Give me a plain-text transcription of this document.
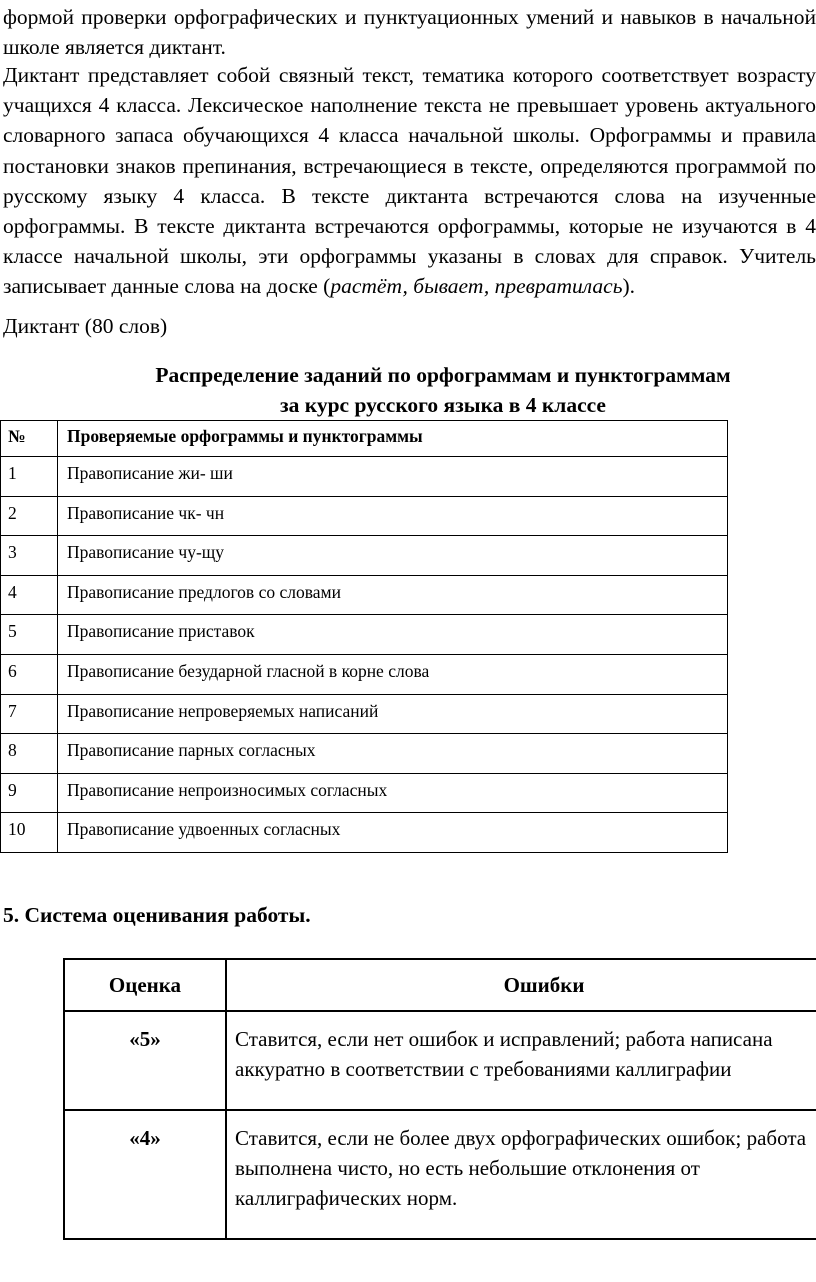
формой проверки орфографических и пунктуационных умений и навыков в начальной школе является диктант.

Диктант представляет собой связный текст, тематика которого соответствует возрасту учащихся 4 класса. Лексическое наполнение текста не превышает уровень актуального словарного запаса обучающихся 4 класса начальной школы. Орфограммы и правила постановки знаков препинания, встречающиеся в тексте, определяются программой по русскому языку 4 класса. В тексте диктанта встречаются слова на изученные орфограммы. В тексте диктанта встречаются орфограммы, которые не изучаются в 4 классе начальной школы, эти орфограммы указаны в словах для справок. Учитель записывает данные слова на доске (растёт, бывает, превратилась).

Диктант (80 слов)

Распределение заданий по орфограммам и пунктограммам

за курс русского языка в 4 классе

№	Проверяемые орфограммы и пунктограммы
1	Правописание жи- ши
2	Правописание чк- чн
3	Правописание чу-щу
4	Правописание предлогов со словами
5	Правописание приставок
6	Правописание безударной гласной в корне слова
7	Правописание непроверяемых написаний
8	Правописание парных согласных
9	Правописание непроизносимых согласных
10	Правописание удвоенных согласных

5. Система оценивания работы.

Оценка	Ошибки
«5»	Ставится, если нет ошибок и исправлений; работа написана аккуратно в соответствии с требованиями каллиграфии
«4»	Ставится, если не более двух орфографических ошибок; работа выполнена чисто, но есть небольшие отклонения от каллиграфических норм.
